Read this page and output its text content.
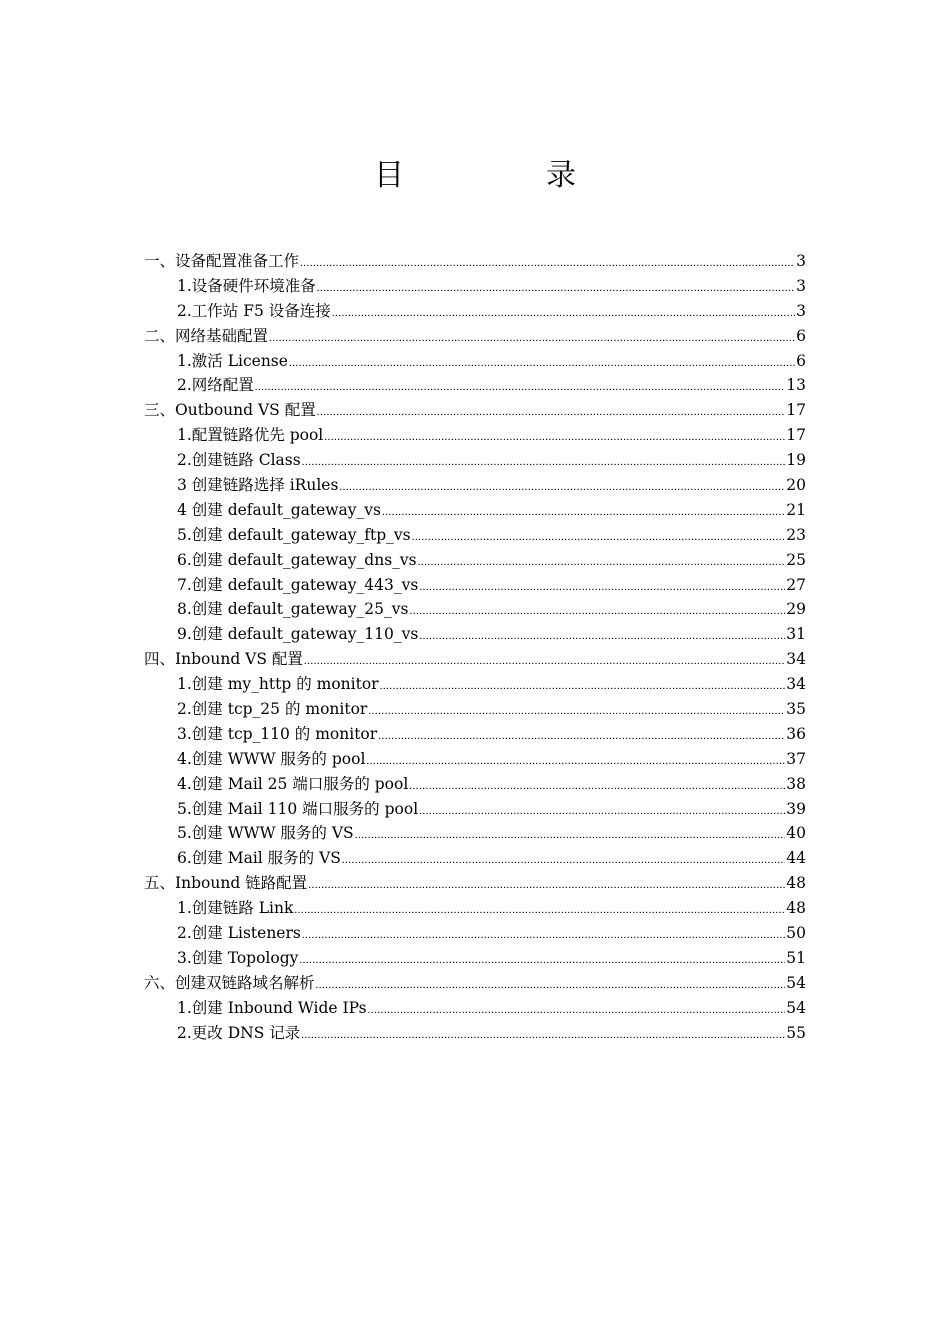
目　录
一、设备配置准备工作 .....	3
1.设备硬件环境准备 .....	3
2.工作站 F5 设备连接 .....	3
二、网络基础配置 .....	6
1.激活 License .....	6
2.网络配置 .....	13
三、Outbound VS 配置 .....	17
1.配置链路优先 pool .....	17
2.创建链路 Class .....	19
3 创建链路选择 iRules .....	20
4 创建 default_gateway_vs .....	21
5.创建 default_gateway_ftp_vs .....	23
6.创建 default_gateway_dns_vs .....	25
7.创建 default_gateway_443_vs .....	27
8.创建 default_gateway_25_vs .....	29
9.创建 default_gateway_110_vs .....	31
四、Inbound VS 配置 .....	34
1.创建 my_http 的 monitor .....	34
2.创建 tcp_25 的 monitor .....	35
3.创建 tcp_110 的 monitor .....	36
4.创建 WWW 服务的 pool .....	37
4.创建 Mail 25 端口服务的 pool .....	38
5.创建 Mail 110 端口服务的 pool .....	39
5.创建 WWW 服务的 VS .....	40
6.创建 Mail 服务的 VS .....	44
五、Inbound 链路配置 .....	48
1.创建链路 Link .....	48
2.创建 Listeners .....	50
3.创建 Topology .....	51
六、创建双链路域名解析 .....	54
1.创建 Inbound Wide IPs .....	54
2.更改 DNS 记录 .....	55
